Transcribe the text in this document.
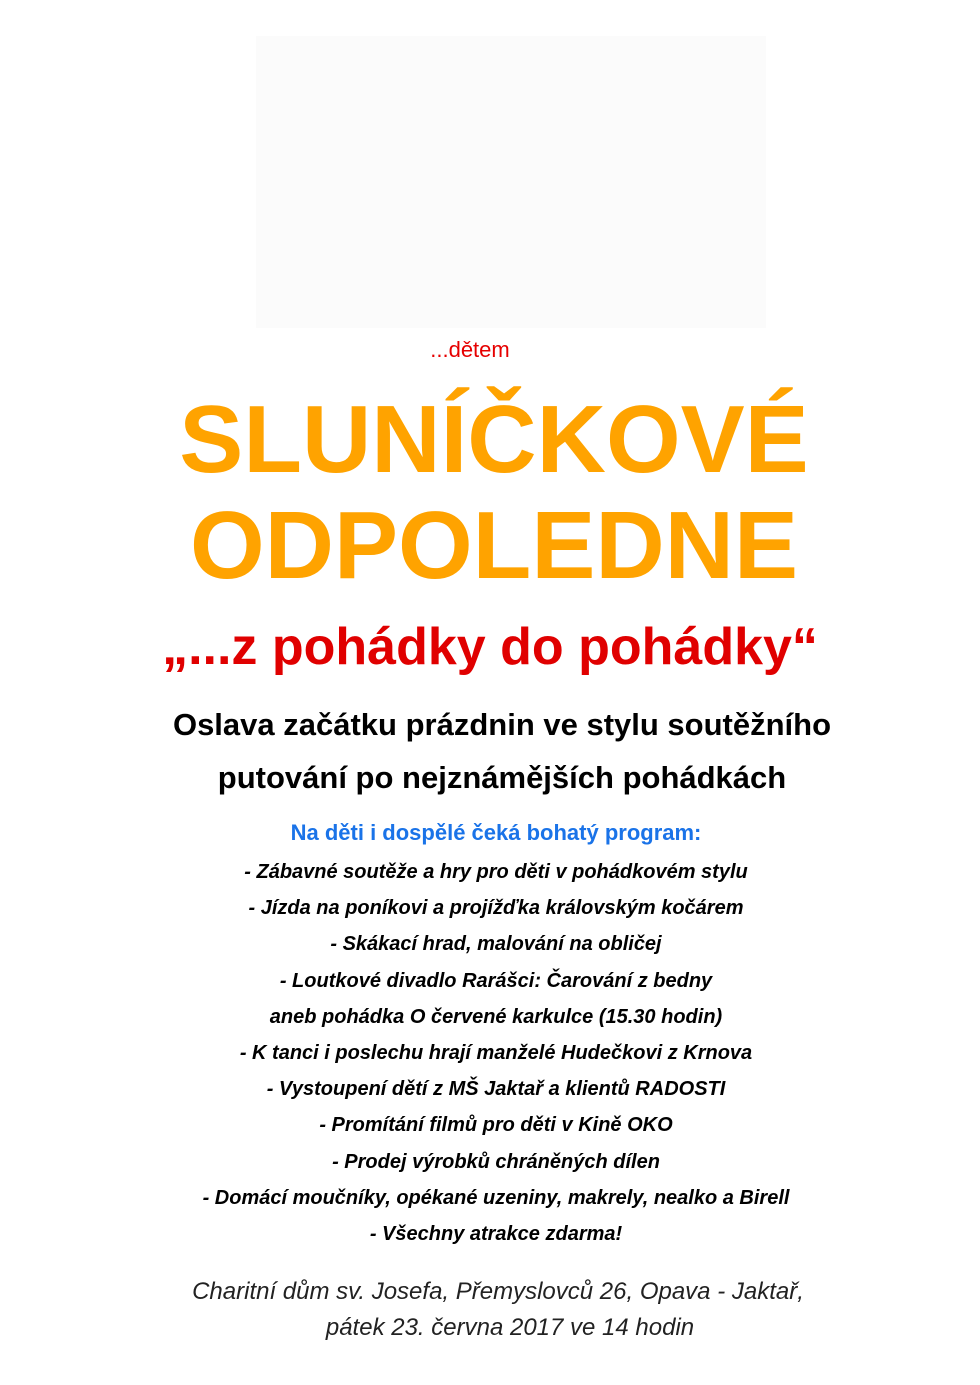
...dětem
SLUNÍČKOVÉ
ODPOLEDNE
„...z pohádky do pohádky“
Oslava začátku prázdnin ve stylu soutěžního
putování po nejznámějších pohádkách
Na děti i dospělé čeká bohatý program:
- Zábavné soutěže a hry pro děti v pohádkovém stylu
- Jízda na poníkovi a projížďka královským kočárem
- Skákací hrad, malování na obličej
- Loutkové divadlo Rarášci: Čarování z bedny
aneb pohádka O červené karkulce (15.30 hodin)
- K tanci i poslechu hrají manželé Hudečkovi z Krnova
- Vystoupení dětí z MŠ Jaktař a klientů RADOSTI
- Promítání filmů pro děti v Kině OKO
- Prodej výrobků chráněných dílen
- Domácí moučníky, opékané uzeniny, makrely, nealko a Birell
- Všechny atrakce zdarma!
Charitní dům sv. Josefa, Přemyslovců 26, Opava - Jaktař,
pátek 23. června 2017 ve 14 hodin
